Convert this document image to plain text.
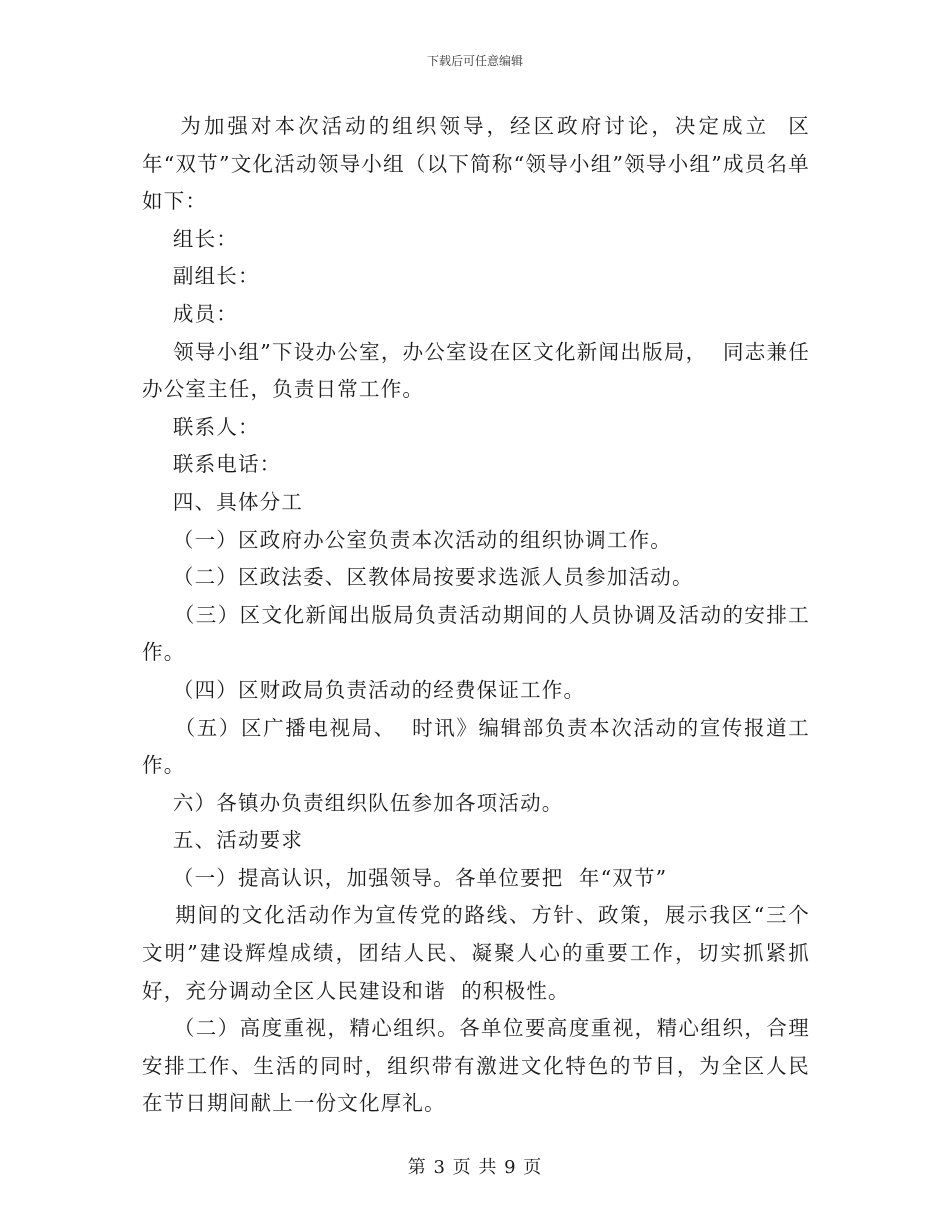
下载后可任意编辑

为加强对本次活动的组织领导，经区政府讨论，决定成立  区  年“双节”文化活动领导小组（以下简称“领导小组”领导小组”成员名单如下：

组长：

副组长：

成员：

领导小组”下设办公室，办公室设在区文化新闻出版局，  同志兼任办公室主任，负责日常工作。

联系人：

联系电话：

四、具体分工

（一）区政府办公室负责本次活动的组织协调工作。

（二）区政法委、区教体局按要求选派人员参加活动。

（三）区文化新闻出版局负责活动期间的人员协调及活动的安排工作。

（四）区财政局负责活动的经费保证工作。

（五）区广播电视局、  时讯》编辑部负责本次活动的宣传报道工作。

六）各镇办负责组织队伍参加各项活动。

五、活动要求

（一）提高认识，加强领导。各单位要把  年“双节”

期间的文化活动作为宣传党的路线、方针、政策，展示我区“三个文明”建设辉煌成绩，团结人民、凝聚人心的重要工作，切实抓紧抓好，充分调动全区人民建设和谐  的积极性。

（二）高度重视，精心组织。各单位要高度重视，精心组织，合理安排工作、生活的同时，组织带有激进文化特色的节目，为全区人民在节日期间献上一份文化厚礼。

第 3 页 共 9 页
